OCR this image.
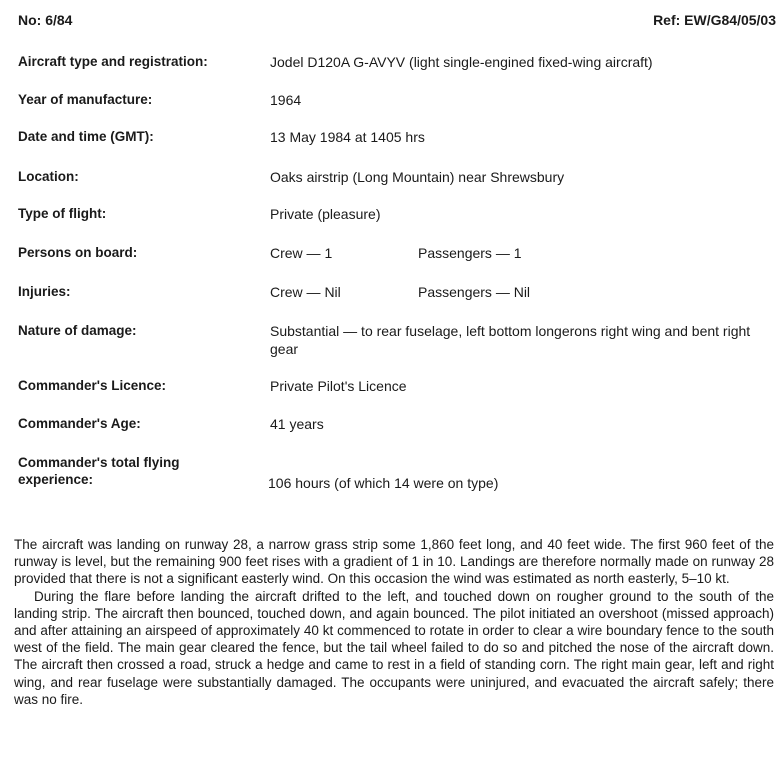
No: 6/84	Ref: EW/G84/05/03
Aircraft type and registration:	Jodel D120A G-AVYV (light single-engined fixed-wing aircraft)
Year of manufacture:	1964
Date and time (GMT):	13 May 1984 at 1405 hrs
Location:	Oaks airstrip (Long Mountain) near Shrewsbury
Type of flight:	Private (pleasure)
Persons on board:	Crew — 1	Passengers — 1
Injuries:	Crew — Nil	Passengers — Nil
Nature of damage:	Substantial — to rear fuselage, left bottom longerons right wing and bent right gear
Commander's Licence:	Private Pilot's Licence
Commander's Age:	41 years
Commander's total flying experience:	106 hours (of which 14 were on type)

The aircraft was landing on runway 28, a narrow grass strip some 1,860 feet long, and 40 feet wide. The first 960 feet of the runway is level, but the remaining 900 feet rises with a gradient of 1 in 10. Landings are therefore normally made on runway 28 provided that there is not a significant easterly wind. On this occasion the wind was estimated as north easterly, 5–10 kt.

During the flare before landing the aircraft drifted to the left, and touched down on rougher ground to the south of the landing strip. The aircraft then bounced, touched down, and again bounced. The pilot initiated an overshoot (missed approach) and after attaining an airspeed of approximately 40 kt commenced to rotate in order to clear a wire boundary fence to the south west of the field. The main gear cleared the fence, but the tail wheel failed to do so and pitched the nose of the aircraft down. The aircraft then crossed a road, struck a hedge and came to rest in a field of standing corn. The right main gear, left and right wing, and rear fuselage were substantially damaged. The occupants were uninjured, and evacuated the aircraft safely; there was no fire.
